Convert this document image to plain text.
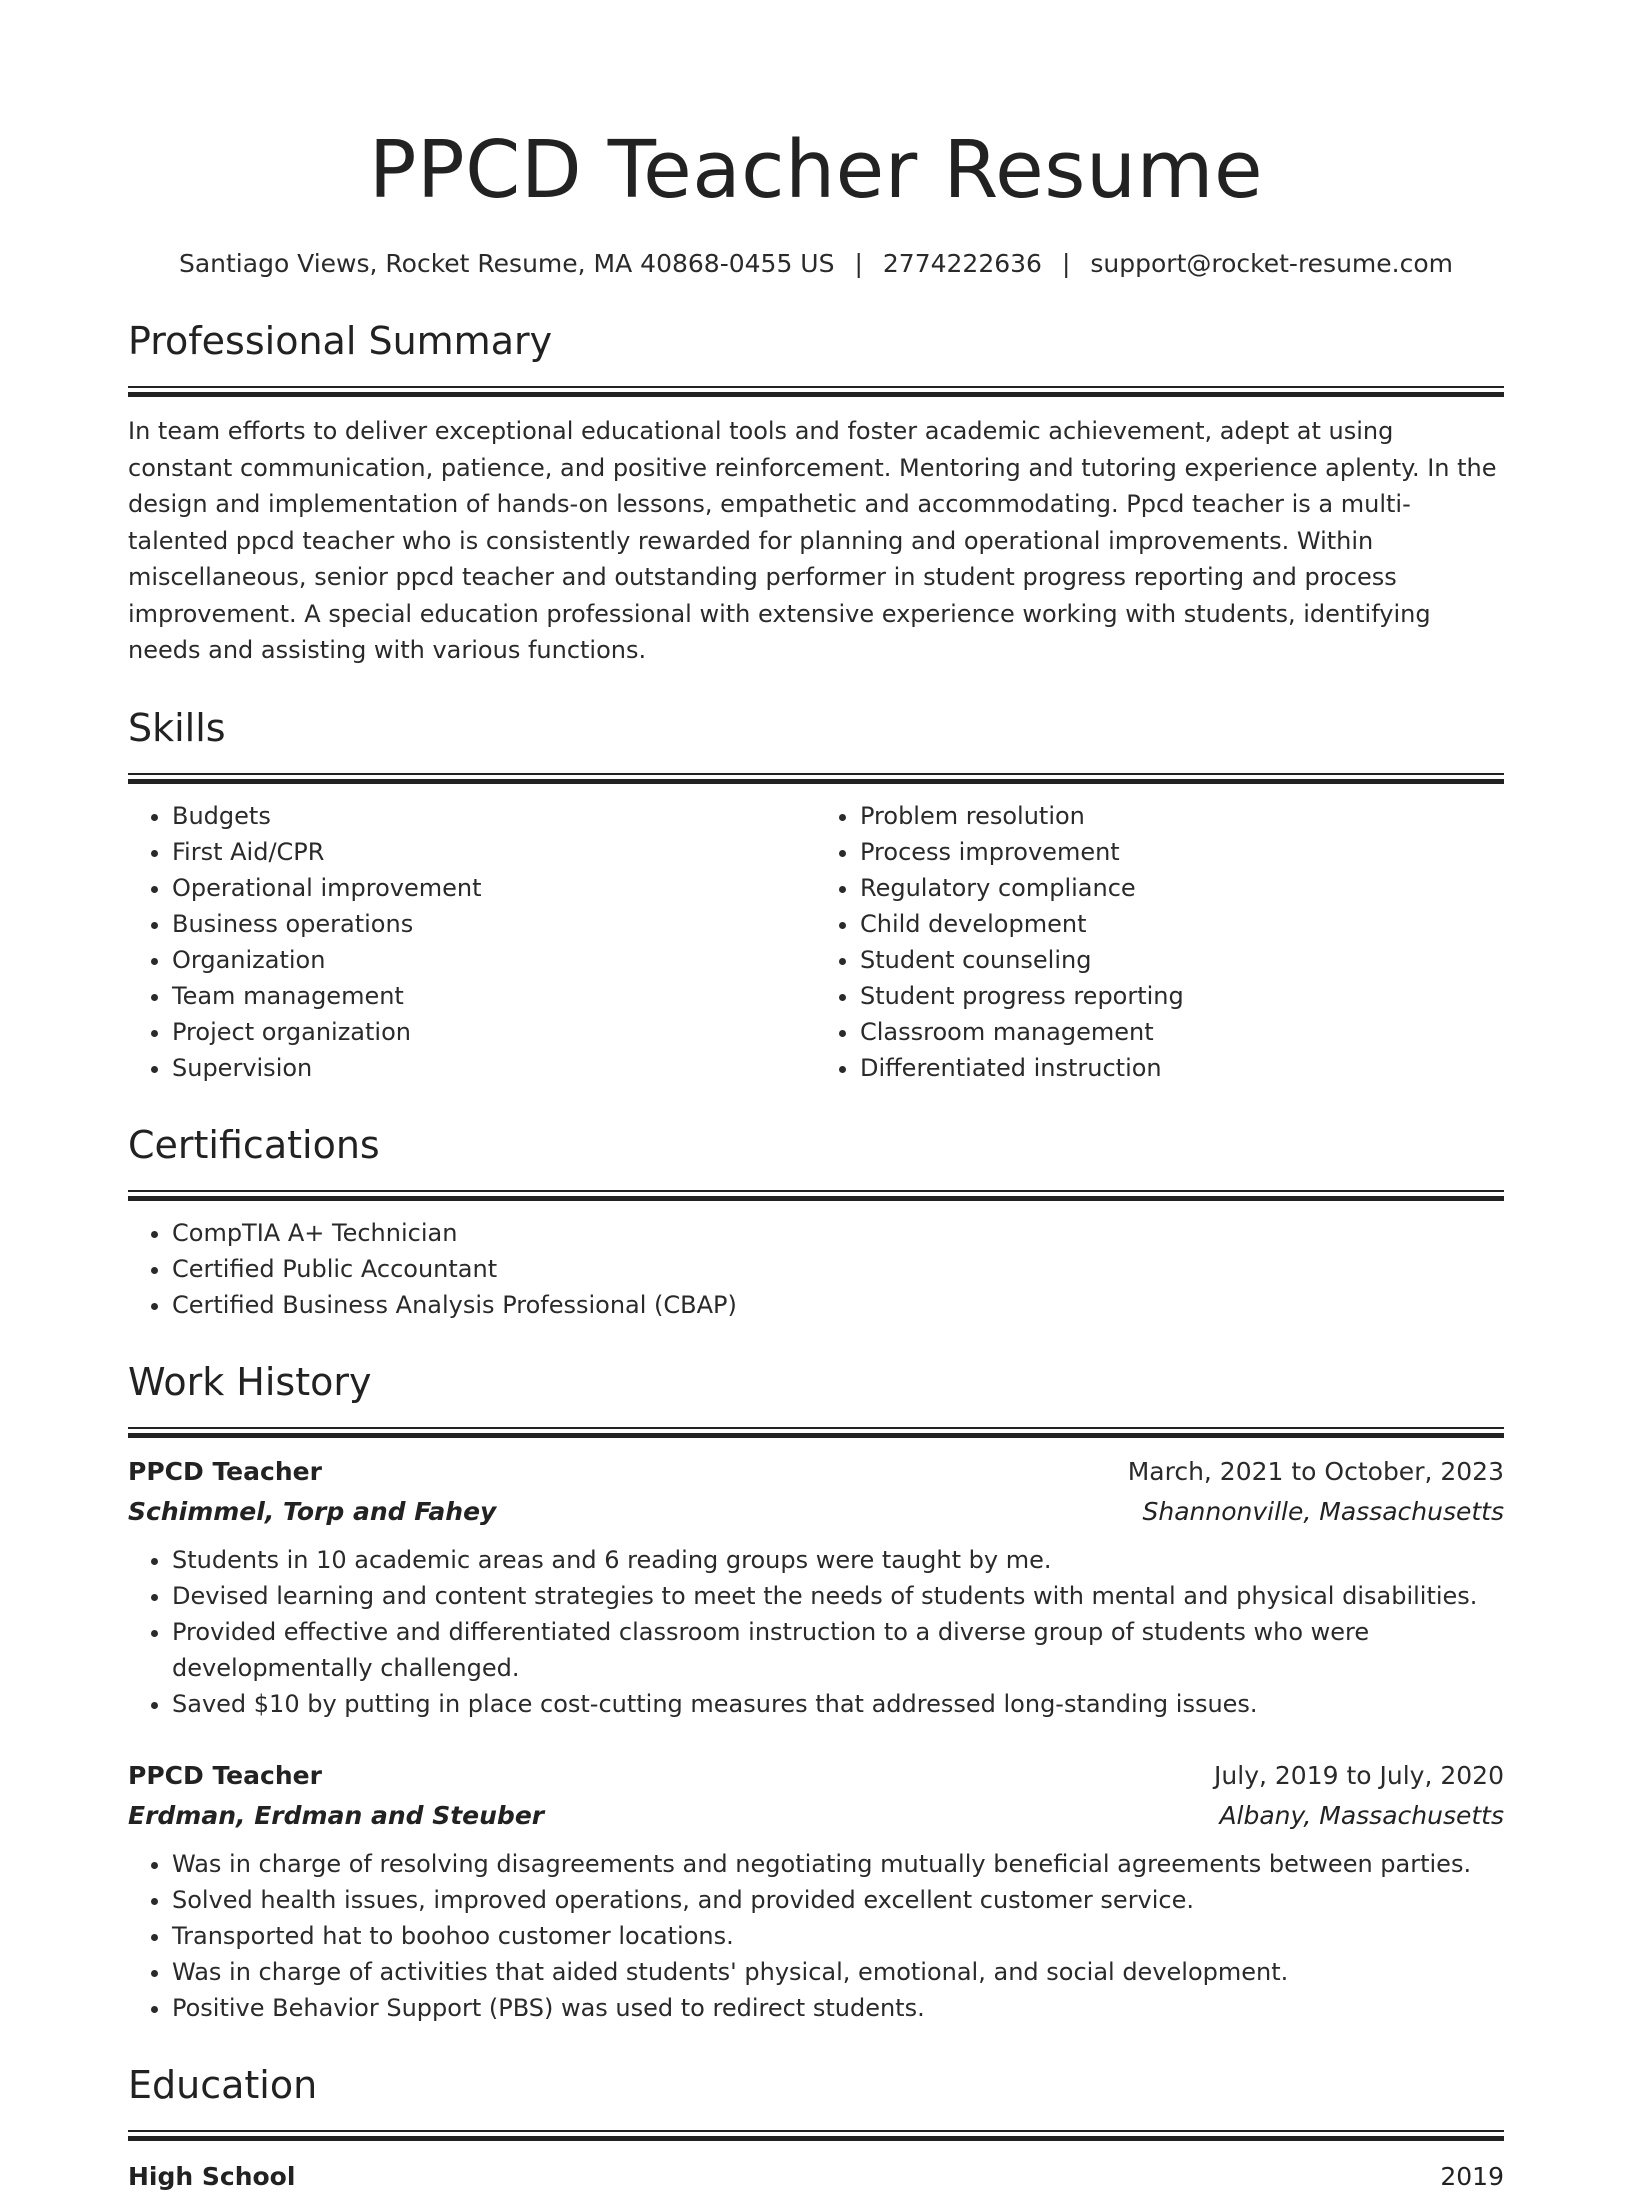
PPCD Teacher Resume
Santiago Views, Rocket Resume, MA 40868-0455 US | 2774222636 | support@rocket-resume.com
Professional Summary

In team efforts to deliver exceptional educational tools and foster academic achievement, adept at using constant communication, patience, and positive reinforcement. Mentoring and tutoring experience aplenty. In the design and implementation of hands-on lessons, empathetic and accommodating. Ppcd teacher is a multi-talented ppcd teacher who is consistently rewarded for planning and operational improvements. Within miscellaneous, senior ppcd teacher and outstanding performer in student progress reporting and process improvement. A special education professional with extensive experience working with students, identifying needs and assisting with various functions.

Skills
• Budgets
• First Aid/CPR
• Operational improvement
• Business operations
• Organization
• Team management
• Project organization
• Supervision
• Problem resolution
• Process improvement
• Regulatory compliance
• Child development
• Student counseling
• Student progress reporting
• Classroom management
• Differentiated instruction
Certifications
• CompTIA A+ Technician
• Certified Public Accountant
• Certified Business Analysis Professional (CBAP)
Work History
PPCD Teacher	March, 2021 to October, 2023
Schimmel, Torp and Fahey	Shannonville, Massachusetts
• Students in 10 academic areas and 6 reading groups were taught by me.
• Devised learning and content strategies to meet the needs of students with mental and physical disabilities.
• Provided effective and differentiated classroom instruction to a diverse group of students who were developmentally challenged.
• Saved $10 by putting in place cost-cutting measures that addressed long-standing issues.
PPCD Teacher	July, 2019 to July, 2020
Erdman, Erdman and Steuber	Albany, Massachusetts
• Was in charge of resolving disagreements and negotiating mutually beneficial agreements between parties.
• Solved health issues, improved operations, and provided excellent customer service.
• Transported hat to boohoo customer locations.
• Was in charge of activities that aided students' physical, emotional, and social development.
• Positive Behavior Support (PBS) was used to redirect students.
Education
High School	2019
